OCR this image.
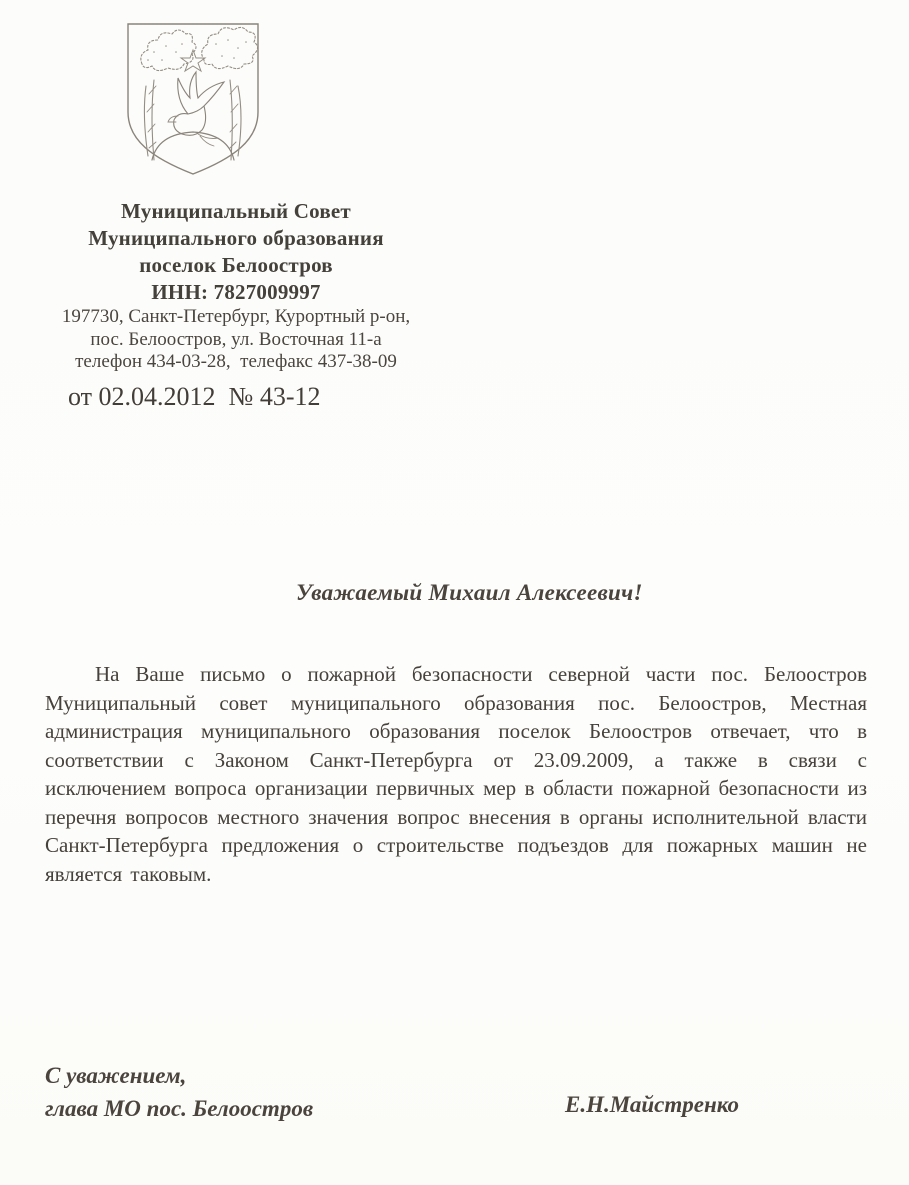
Муниципальный Совет
Муниципального образования
поселок Белоостров
ИНН: 7827009997
197730, Санкт-Петербург, Курортный р-он,
пос. Белоостров, ул. Восточная 11-а
телефон 434-03-28,  телефакс 437-38-09
от 02.04.2012  № 43-12
Уважаемый Михаил Алексеевич!
На Ваше письмо о пожарной безопасности северной части пос. Белоостров Муниципальный совет муниципального образования пос. Белоостров, Местная администрация муниципального образования поселок Белоостров отвечает, что в соответствии с Законом Санкт-Петербурга от 23.09.2009, а также в связи с исключением вопроса организации первичных мер в области пожарной безопасности из перечня вопросов местного значения вопрос внесения в органы исполнительной власти Санкт-Петербурга предложения о строительстве подъездов для пожарных машин не является таковым.
С уважением,
глава МО пос. Белоостров	Е.Н.Майстренко
